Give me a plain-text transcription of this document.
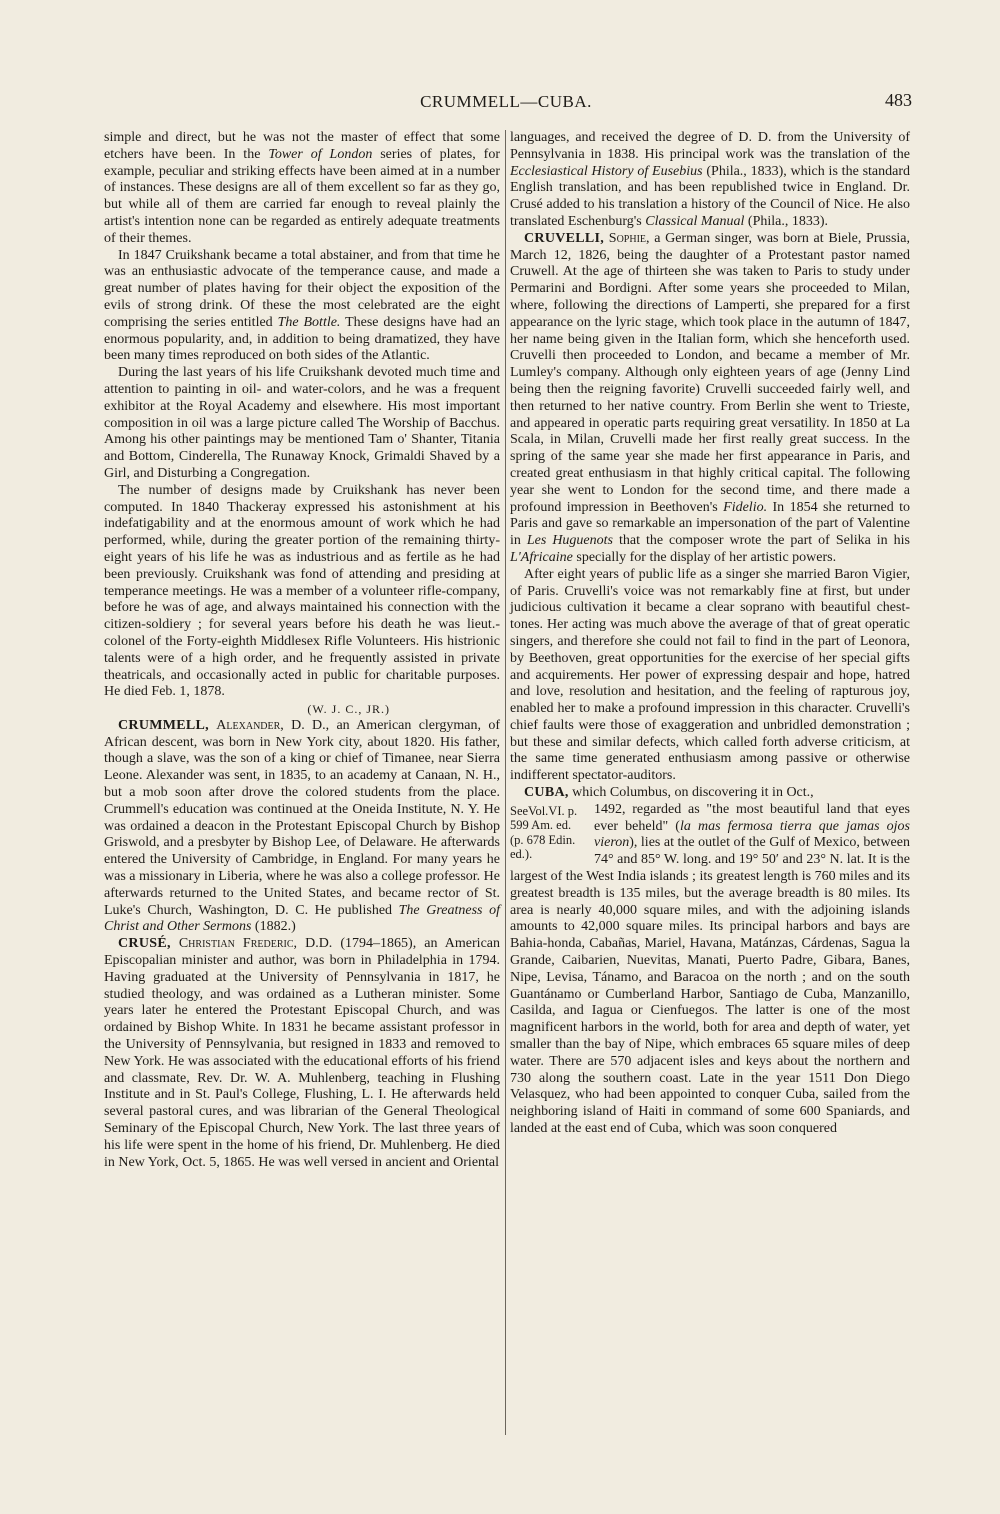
CRUMMELL—CUBA.	483

simple and direct, but he was not the master of effect that some etchers have been. In the Tower of London series of plates, for example, peculiar and striking effects have been aimed at in a number of instances. These designs are all of them excellent so far as they go, but while all of them are carried far enough to reveal plainly the artist's intention none can be regarded as entirely adequate treatments of their themes.

In 1847 Cruikshank became a total abstainer, and from that time he was an enthusiastic advocate of the temperance cause, and made a great number of plates having for their object the exposition of the evils of strong drink. Of these the most celebrated are the eight comprising the series entitled The Bottle. These designs have had an enormous popularity, and, in addition to being dramatized, they have been many times reproduced on both sides of the Atlantic.

During the last years of his life Cruikshank devoted much time and attention to painting in oil- and water-colors, and he was a frequent exhibitor at the Royal Academy and elsewhere. His most important composition in oil was a large picture called The Worship of Bacchus. Among his other paintings may be mentioned Tam o' Shanter, Titania and Bottom, Cinderella, The Runaway Knock, Grimaldi Shaved by a Girl, and Disturbing a Congregation.

The number of designs made by Cruikshank has never been computed. In 1840 Thackeray expressed his astonishment at his indefatigability and at the enormous amount of work which he had performed, while, during the greater portion of the remaining thirty-eight years of his life he was as industrious and as fertile as he had been previously. Cruikshank was fond of attending and presiding at temperance meetings. He was a member of a volunteer rifle-company, before he was of age, and always maintained his connection with the citizen-soldiery ; for several years before his death he was lieut.-colonel of the Forty-eighth Middlesex Rifle Volunteers. His histrionic talents were of a high order, and he frequently assisted in private theatricals, and occasionally acted in public for charitable purposes. He died Feb. 1, 1878.

(W. J. C., JR.)

CRUMMELL, Alexander, D. D., an American clergyman, of African descent, was born in New York city, about 1820. His father, though a slave, was the son of a king or chief of Timanee, near Sierra Leone. Alexander was sent, in 1835, to an academy at Canaan, N. H., but a mob soon after drove the colored students from the place. Crummell's education was continued at the Oneida Institute, N. Y. He was ordained a deacon in the Protestant Episcopal Church by Bishop Griswold, and a presbyter by Bishop Lee, of Delaware. He afterwards entered the University of Cambridge, in England. For many years he was a missionary in Liberia, where he was also a college professor. He afterwards returned to the United States, and became rector of St. Luke's Church, Washington, D. C. He published The Greatness of Christ and Other Sermons (1882.)

CRUSÉ, Christian Frederic, D.D. (1794–1865), an American Episcopalian minister and author, was born in Philadelphia in 1794. Having graduated at the University of Pennsylvania in 1817, he studied theology, and was ordained as a Lutheran minister. Some years later he entered the Protestant Episcopal Church, and was ordained by Bishop White. In 1831 he became assistant professor in the University of Pennsylvania, but resigned in 1833 and removed to New York. He was associated with the educational efforts of his friend and classmate, Rev. Dr. W. A. Muhlenberg, teaching in Flushing Institute and in St. Paul's College, Flushing, L. I. He afterwards held several pastoral cures, and was librarian of the General Theological Seminary of the Episcopal Church, New York. The last three years of his life were spent in the home of his friend, Dr. Muhlenberg. He died in New York, Oct. 5, 1865. He was well versed in ancient and Oriental

languages, and received the degree of D. D. from the University of Pennsylvania in 1838. His principal work was the translation of the Ecclesiastical History of Eusebius (Phila., 1833), which is the standard English translation, and has been republished twice in England. Dr. Crusé added to his translation a history of the Council of Nice. He also translated Eschenburg's Classical Manual (Phila., 1833).

CRUVELLI, Sophie, a German singer, was born at Biele, Prussia, March 12, 1826, being the daughter of a Protestant pastor named Cruwell. At the age of thirteen she was taken to Paris to study under Permarini and Bordigni. After some years she proceeded to Milan, where, following the directions of Lamperti, she prepared for a first appearance on the lyric stage, which took place in the autumn of 1847, her name being given in the Italian form, which she henceforth used. Cruvelli then proceeded to London, and became a member of Mr. Lumley's company. Although only eighteen years of age (Jenny Lind being then the reigning favorite) Cruvelli succeeded fairly well, and then returned to her native country. From Berlin she went to Trieste, and appeared in operatic parts requiring great versatility. In 1850 at La Scala, in Milan, Cruvelli made her first really great success. In the spring of the same year she made her first appearance in Paris, and created great enthusiasm in that highly critical capital. The following year she went to London for the second time, and there made a profound impression in Beethoven's Fidelio. In 1854 she returned to Paris and gave so remarkable an impersonation of the part of Valentine in Les Huguenots that the composer wrote the part of Selika in his L'Africaine specially for the display of her artistic powers.

After eight years of public life as a singer she married Baron Vigier, of Paris. Cruvelli's voice was not remarkably fine at first, but under judicious cultivation it became a clear soprano with beautiful chest-tones. Her acting was much above the average of that of great operatic singers, and therefore she could not fail to find in the part of Leonora, by Beethoven, great opportunities for the exercise of her special gifts and acquirements. Her power of expressing despair and hope, hatred and love, resolution and hesitation, and the feeling of rapturous joy, enabled her to make a profound impression in this character. Cruvelli's chief faults were those of exaggeration and unbridled demonstration ; but these and similar defects, which called forth adverse criticism, at the same time generated enthusiasm among passive or otherwise indifferent spectator-auditors.

CUBA, which Columbus, on discovering it in Oct.,

SeeVol.VI. p. 599 Am. ed. (p. 678 Edin. ed.).
1492, regarded as "the most beautiful land that eyes ever beheld" (la mas fermosa tierra que jamas ojos vieron), lies at the outlet of the Gulf of Mexico, between 74° and 85° W. long. and 19° 50′ and 23° N. lat. It is the largest of the West India islands ; its greatest length is 760 miles and its greatest breadth is 135 miles, but the average breadth is 80 miles. Its area is nearly 40,000 square miles, and with the adjoining islands amounts to 42,000 square miles. Its principal harbors and bays are Bahia-honda, Cabañas, Mariel, Havana, Matánzas, Cárdenas, Sagua la Grande, Caibarien, Nuevitas, Manati, Puerto Padre, Gibara, Banes, Nipe, Levisa, Tánamo, and Baracoa on the north ; and on the south Guantánamo or Cumberland Harbor, Santiago de Cuba, Manzanillo, Casilda, and Iagua or Cienfuegos. The latter is one of the most magnificent harbors in the world, both for area and depth of water, yet smaller than the bay of Nipe, which embraces 65 square miles of deep water. There are 570 adjacent isles and keys about the northern and 730 along the southern coast. Late in the year 1511 Don Diego Velasquez, who had been appointed to conquer Cuba, sailed from the neighboring island of Haiti in command of some 600 Spaniards, and landed at the east end of Cuba, which was soon conquered
